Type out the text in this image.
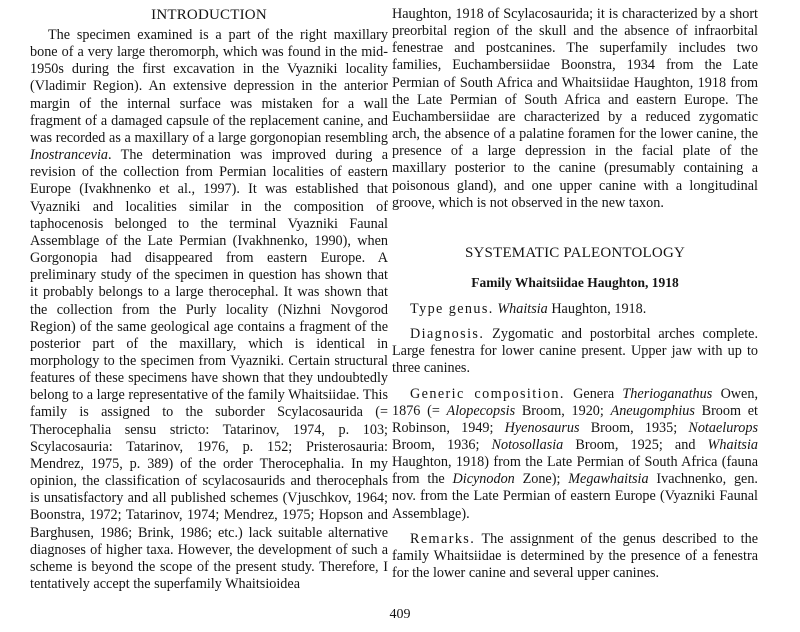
INTRODUCTION

The specimen examined is a part of the right maxillary bone of a very large theromorph, which was found in the mid-1950s during the first excavation in the Vyazniki locality (Vladimir Region). An extensive depression in the anterior margin of the internal surface was mistaken for a wall fragment of a damaged capsule of the replacement canine, and was recorded as a maxillary of a large gorgonopian resembling Inostrancevia. The determination was improved during a revision of the collection from Permian localities of eastern Europe (Ivakhnenko et al., 1997). It was established that Vyazniki and localities similar in the composition of taphocenosis belonged to the terminal Vyazniki Faunal Assemblage of the Late Permian (Ivakhnenko, 1990), when Gorgonopia had disappeared from eastern Europe. A preliminary study of the specimen in question has shown that it probably belongs to a large therocephal. It was shown that the collection from the Purly locality (Nizhni Novgorod Region) of the same geological age contains a fragment of the posterior part of the maxillary, which is identical in morphology to the specimen from Vyazniki. Certain structural features of these specimens have shown that they undoubtedly belong to a large representative of the family Whaitsiidae. This family is assigned to the suborder Scylacosaurida (= Therocephalia sensu stricto: Tatarinov, 1974, p. 103; Scylacosauria: Tatarinov, 1976, p. 152; Pristerosauria: Mendrez, 1975, p. 389) of the order Therocephalia. In my opinion, the classification of scylacosaurids and therocephals is unsatisfactory and all published schemes (Vjuschkov, 1964; Boonstra, 1972; Tatarinov, 1974; Mendrez, 1975; Hopson and Barghusen, 1986; Brink, 1986; etc.) lack suitable alternative diagnoses of higher taxa. However, the development of such a scheme is beyond the scope of the present study. Therefore, I tentatively accept the superfamily Whaitsioidea

Haughton, 1918 of Scylacosaurida; it is characterized by a short preorbital region of the skull and the absence of infraorbital fenestrae and postcanines. The superfamily includes two families, Euchambersiidae Boonstra, 1934 from the Late Permian of South Africa and Whaitsiidae Haughton, 1918 from the Late Permian of South Africa and eastern Europe. The Euchambersiidae are characterized by a reduced zygomatic arch, the absence of a palatine foramen for the lower canine, the presence of a large depression in the facial plate of the maxillary posterior to the canine (presumably containing a poisonous gland), and one upper canine with a longitudinal groove, which is not observed in the new taxon.

SYSTEMATIC PALEONTOLOGY
Family Whaitsiidae Haughton, 1918

Type genus. Whaitsia Haughton, 1918.

Diagnosis. Zygomatic and postorbital arches complete. Large fenestra for lower canine present. Upper jaw with up to three canines.

Generic composition. Genera Therioganathus Owen, 1876 (= Alopecopsis Broom, 1920; Aneugomphius Broom et Robinson, 1949; Hyenosaurus Broom, 1935; Notaelurops Broom, 1936; Notosollasia Broom, 1925; and Whaitsia Haughton, 1918) from the Late Permian of South Africa (fauna from the Dicynodon Zone); Megawhaitsia Ivachnenko, gen. nov. from the Late Permian of eastern Europe (Vyazniki Faunal Assemblage).

Remarks. The assignment of the genus described to the family Whaitsiidae is determined by the presence of a fenestra for the lower canine and several upper canines.

409
